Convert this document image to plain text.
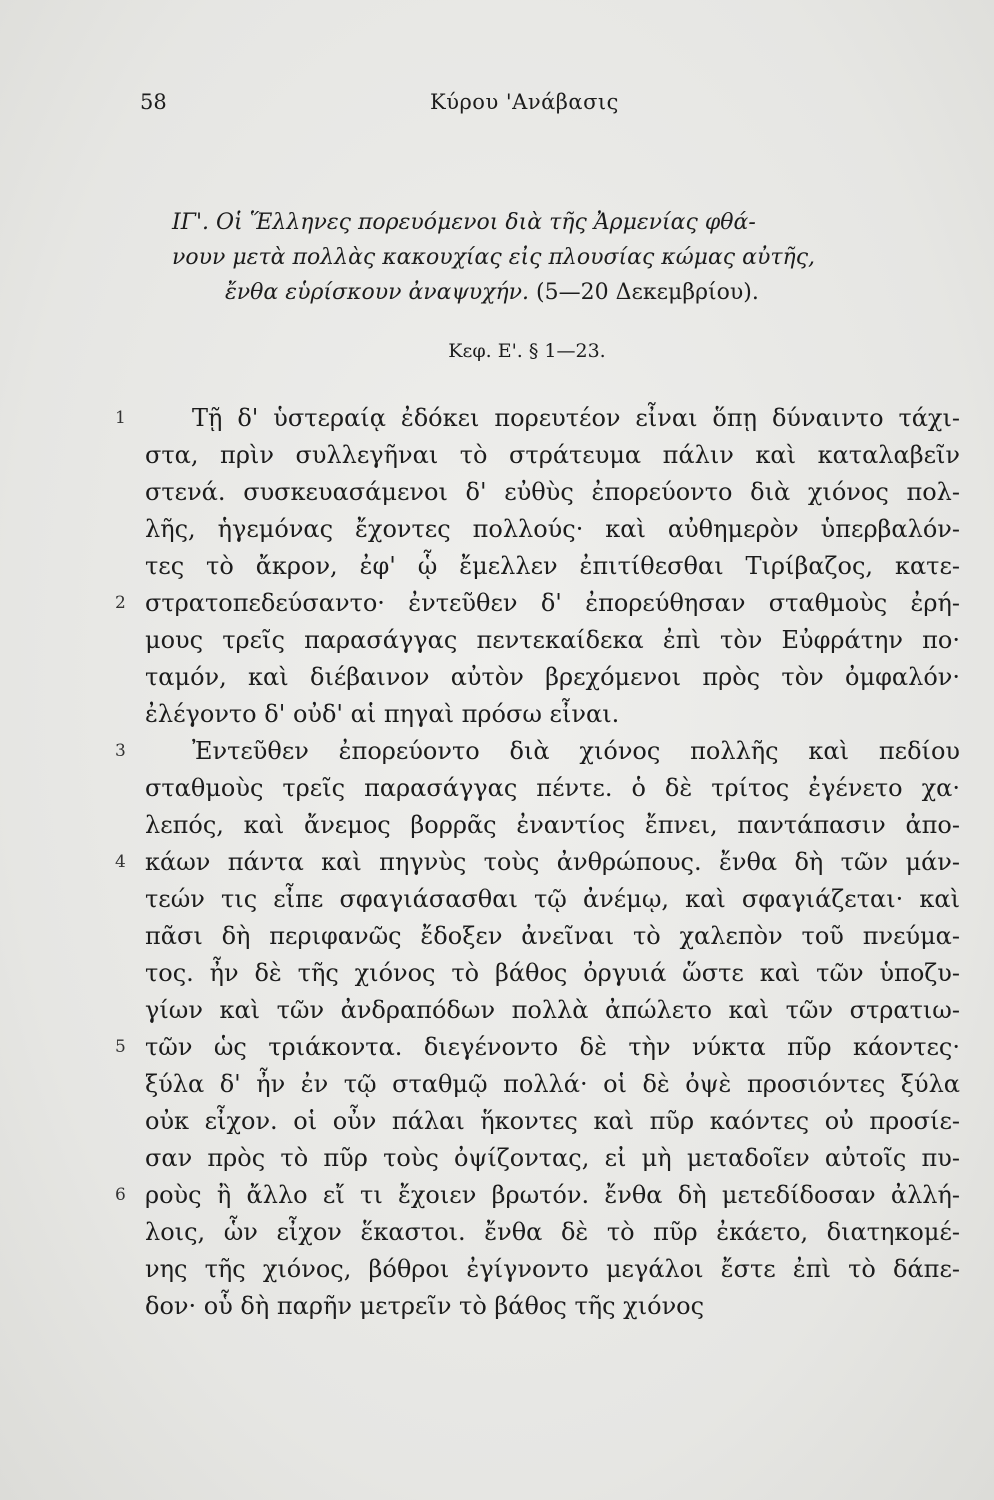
58	Κύρου 'Ανάβασις
ΙΓ'. Οἱ Ἕλληνες πορευόμενοι διὰ τῆς Ἀρμενίας φθά-
νουν μετὰ πολλὰς κακουχίας εἰς πλουσίας κώμας αὐτῆς,
ἔνθα εὑρίσκουν ἀναψυχήν. (5—20 Δεκεμβρίου).
Κεφ. Ε'. § 1—23.
1	Τῇ δ' ὑστεραίᾳ ἐδόκει πορευτέον εἶναι ὅπῃ δύναιντο τάχι-
στα, πρὶν συλλεγῆναι τὸ στράτευμα πάλιν καὶ καταλαβεῖν
στενά. συσκευασάμενοι δ' εὐθὺς ἐπορεύοντο διὰ χιόνος πολ-
λῆς, ἡγεμόνας ἔχοντες πολλούς· καὶ αὐθημερὸν ὑπερβαλόν-
τες τὸ ἄκρον, ἐφ' ᾧ ἔμελλεν ἐπιτίθεσθαι Τιρίβαζος, κατε-
2 στρατοπεδεύσαντο· ἐντεῦθεν δ' ἐπορεύθησαν σταθμοὺς ἐρή-
μους τρεῖς παρασάγγας πεντεκαίδεκα ἐπὶ τὸν Εὐφράτην πο·
ταμόν, καὶ διέβαινον αὐτὸν βρεχόμενοι πρὸς τὸν ὀμφαλόν·
ἐλέγοντο δ' οὐδ' αἱ πηγαὶ πρόσω εἶναι.
3	Ἐντεῦθεν ἐπορεύοντο διὰ χιόνος πολλῆς καὶ πεδίου
σταθμοὺς τρεῖς παρασάγγας πέντε. ὁ δὲ τρίτος ἐγένετο χα·
λεπός, καὶ ἄνεμος βορρᾶς ἐναντίος ἔπνει, παντάπασιν ἀπο-
4 κάων πάντα καὶ πηγνὺς τοὺς ἀνθρώπους. ἔνθα δὴ τῶν μάν-
τεών τις εἶπε σφαγιάσασθαι τῷ ἀνέμῳ, καὶ σφαγιάζεται· καὶ
πᾶσι δὴ περιφανῶς ἔδοξεν ἀνεῖναι τὸ χαλεπὸν τοῦ πνεύμα-
τος. ἦν δὲ τῆς χιόνος τὸ βάθος ὀργυιά ὥστε καὶ τῶν ὑποζυ-
γίων καὶ τῶν ἀνδραπόδων πολλὰ ἀπώλετο καὶ τῶν στρατιω-
5 τῶν ὡς τριάκοντα. διεγένοντο δὲ τὴν νύκτα πῦρ κάοντες·
ξύλα δ' ἦν ἐν τῷ σταθμῷ πολλά· οἱ δὲ ὀψὲ προσιόντες ξύλα
οὐκ εἶχον. οἱ οὖν πάλαι ἥκοντες καὶ πῦρ καόντες οὐ προσίε-
σαν πρὸς τὸ πῦρ τοὺς ὀψίζοντας, εἰ μὴ μεταδοῖεν αὐτοῖς πυ-
6 ροὺς ἢ ἄλλο εἴ τι ἔχοιεν βρωτόν. ἔνθα δὴ μετεδίδοσαν ἀλλή-
λοις, ὧν εἶχον ἕκαστοι. ἔνθα δὲ τὸ πῦρ ἐκάετο, διατηκομέ-
νης τῆς χιόνος, βόθροι ἐγίγνοντο μεγάλοι ἔστε ἐπὶ τὸ δάπε-
δον· οὗ δὴ παρῆν μετρεῖν τὸ βάθος τῆς χιόνος
